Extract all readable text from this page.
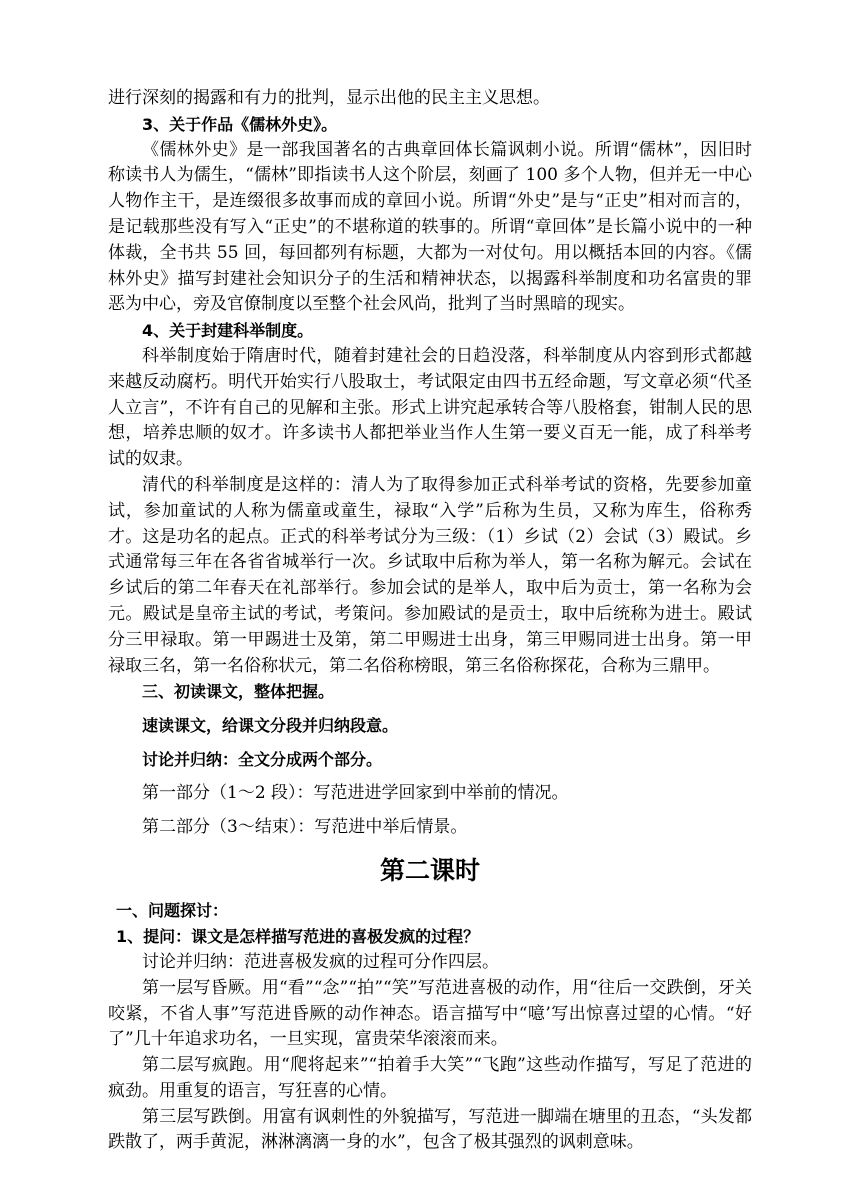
进行深刻的揭露和有力的批判，显示出他的民主主义思想。

3、关于作品《儒林外史》。

《儒林外史》是一部我国著名的古典章回体长篇讽刺小说。所谓“儒林”，因旧时称读书人为儒生，“儒林”即指读书人这个阶层，刻画了 100 多个人物，但并无一中心人物作主干，是连缀很多故事而成的章回小说。所谓“外史”是与“正史”相对而言的，是记载那些没有写入“正史”的不堪称道的轶事的。所谓“章回体”是长篇小说中的一种体裁，全书共 55 回，每回都列有标题，大都为一对仗句。用以概括本回的内容。《儒林外史》描写封建社会知识分子的生活和精神状态，以揭露科举制度和功名富贵的罪恶为中心，旁及官僚制度以至整个社会风尚，批判了当时黑暗的现实。

4、关于封建科举制度。

科举制度始于隋唐时代，随着封建社会的日趋没落，科举制度从内容到形式都越来越反动腐朽。明代开始实行八股取士，考试限定由四书五经命题，写文章必须“代圣人立言”，不许有自己的见解和主张。形式上讲究起承转合等八股格套，钳制人民的思想，培养忠顺的奴才。许多读书人都把举业当作人生第一要义百无一能，成了科举考试的奴隶。

清代的科举制度是这样的：清人为了取得参加正式科举考试的资格，先要参加童试，参加童试的人称为儒童或童生，禄取“入学”后称为生员，又称为库生，俗称秀才。这是功名的起点。正式的科举考试分为三级：（1）乡试（2）会试（3）殿试。乡式通常每三年在各省省城举行一次。乡试取中后称为举人，第一名称为解元。会试在乡试后的第二年春天在礼部举行。参加会试的是举人，取中后为贡士，第一名称为会元。殿试是皇帝主试的考试，考策问。参加殿试的是贡士，取中后统称为进士。殿试分三甲禄取。第一甲踢进士及第，第二甲赐进士出身，第三甲赐同进士出身。第一甲禄取三名，第一名俗称状元，第二名俗称榜眼，第三名俗称探花，合称为三鼎甲。

三、初读课文，整体把握。

速读课文，给课文分段并归纳段意。

讨论并归纳：全文分成两个部分。

第一部分（1～2 段）：写范进进学回家到中举前的情况。

第二部分（3～结束）：写范进中举后情景。

第二课时

一、问题探讨：

1、提问：课文是怎样描写范进的喜极发疯的过程？

讨论并归纳：范进喜极发疯的过程可分作四层。

第一层写昏厥。用“看”“念”“拍”“笑”写范进喜极的动作，用“往后一交跌倒，牙关咬紧，不省人事”写范进昏厥的动作神态。语言描写中“噫’写出惊喜过望的心情。“好了”几十年追求功名，一旦实现，富贵荣华滚滚而来。

第二层写疯跑。用“爬将起来”“拍着手大笑”“飞跑”这些动作描写，写足了范进的疯劲。用重复的语言，写狂喜的心情。

第三层写跌倒。用富有讽刺性的外貌描写，写范进一脚端在塘里的丑态，“头发都跌散了，两手黄泥，淋淋漓漓一身的水”，包含了极其强烈的讽刺意味。
